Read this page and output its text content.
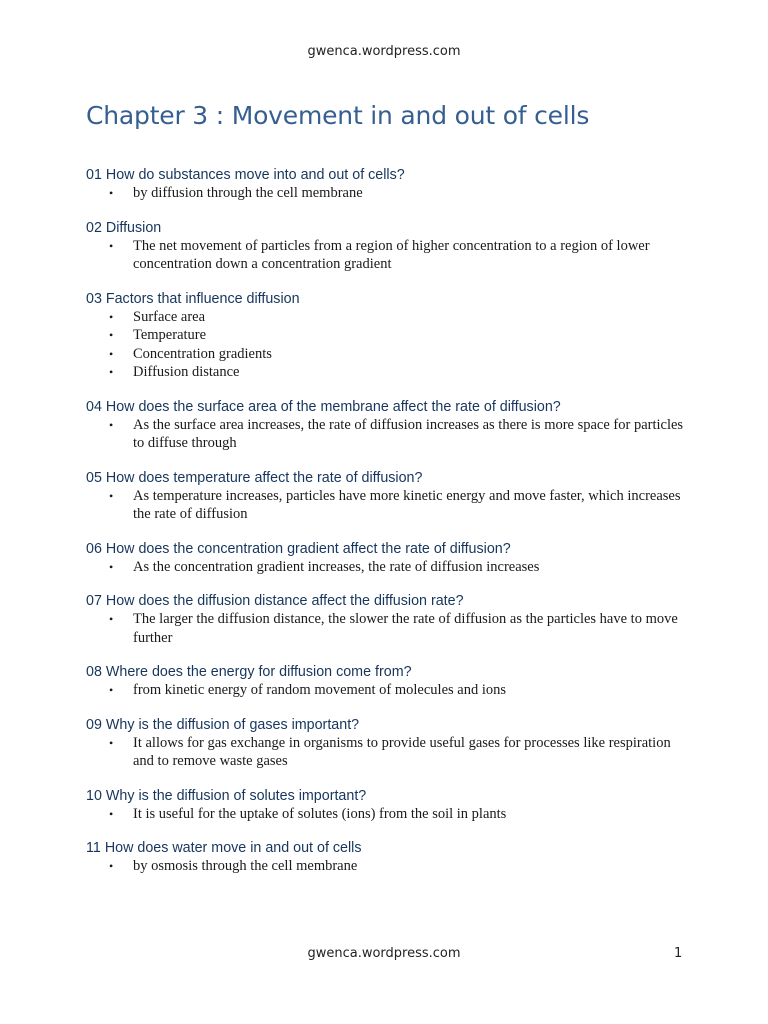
gwenca.wordpress.com
Chapter 3 : Movement in and out of cells

01 How do substances move into and out of cells?

• by diffusion through the cell membrane

02 Diffusion

• The net movement of particles from a region of higher concentration to a region of lower concentration down a concentration gradient

03 Factors that influence diffusion

• Surface area
• Temperature
• Concentration gradients
• Diffusion distance

04 How does the surface area of the membrane affect the rate of diffusion?

• As the surface area increases, the rate of diffusion increases as there is more space for particles to diffuse through

05 How does temperature affect the rate of diffusion?

• As temperature increases, particles have more kinetic energy and move faster, which increases the rate of diffusion

06 How does the concentration gradient affect the rate of diffusion?

• As the concentration gradient increases, the rate of diffusion increases

07 How does the diffusion distance affect the diffusion rate?

• The larger the diffusion distance, the slower the rate of diffusion as the particles have to move further

08 Where does the energy for diffusion come from?

• from kinetic energy of random movement of molecules and ions

09 Why is the diffusion of gases important?

• It allows for gas exchange in organisms to provide useful gases for processes like respiration and to remove waste gases

10 Why is the diffusion of solutes important?

• It is useful for the uptake of solutes (ions) from the soil in plants

11 How does water move in and out of cells

• by osmosis through the cell membrane
gwenca.wordpress.com	1
